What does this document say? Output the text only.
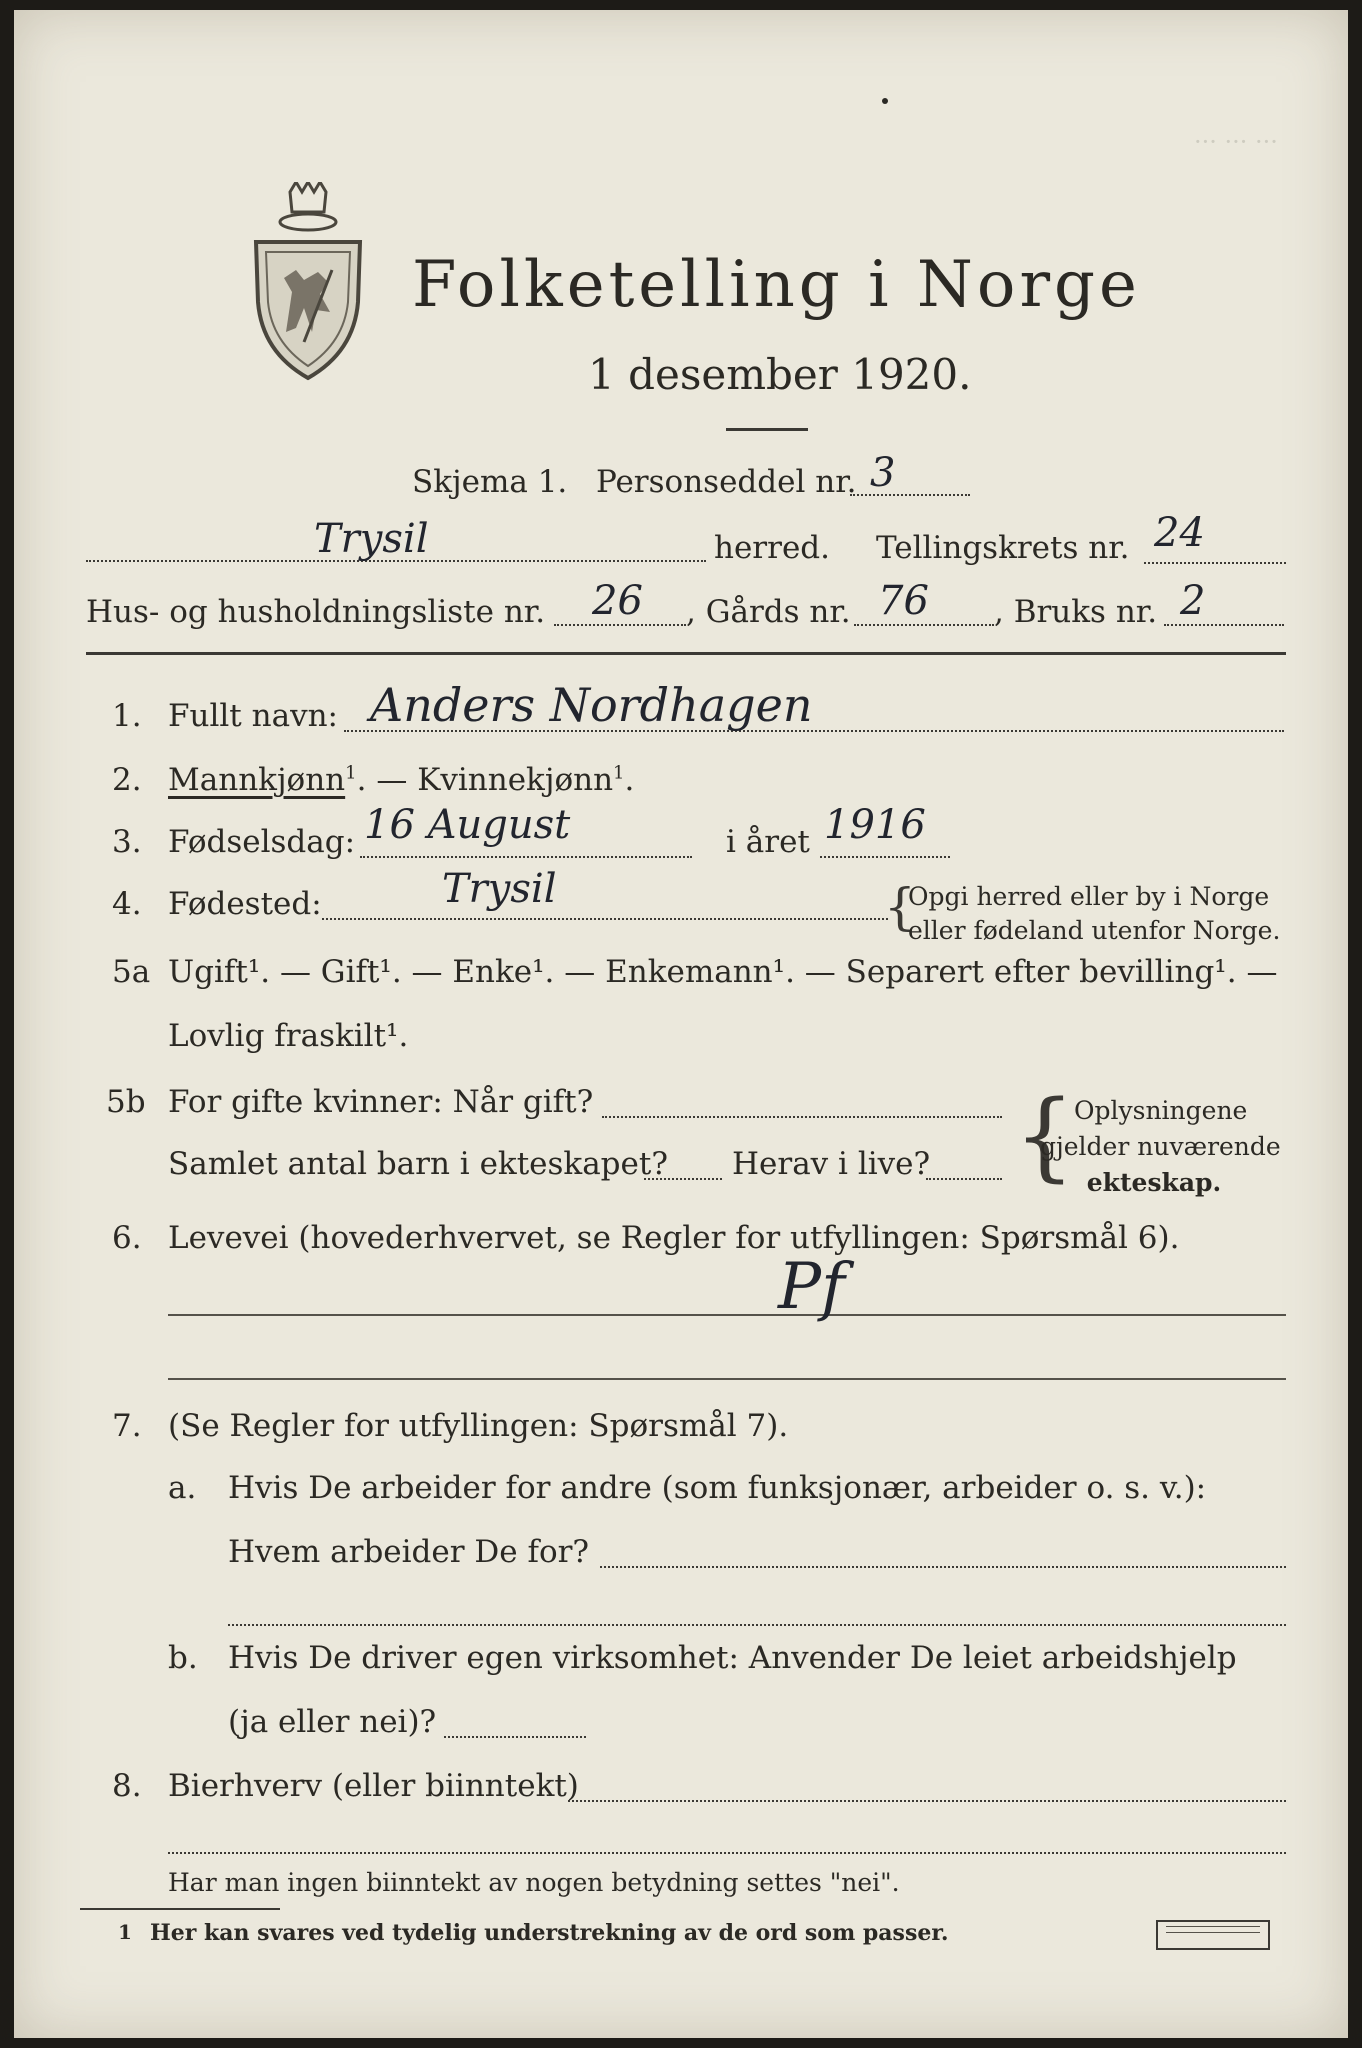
··· ··· ···
Folketelling i Norge
1 desember 1920.
Skjema 1. Personseddel nr. 3
Trysil	herred. Tellingskrets nr. 24
Hus- og husholdningsliste nr. 26 , Gårds nr. 76 , Bruks nr. 2
1. Fullt navn: Anders Nordhagen
2. Mannkjønn$^1$. — Kvinnekjønn$^1$.
3. Fødselsdag: 16 August	i året 1916
4. Fødested:	Trysil	{
Opgi herred eller by i Norge
eller fødeland utenfor Norge.
5a Ugift¹. — Gift¹. — Enke¹. — Enkemann¹. — Separert efter bevilling¹. —
Lovlig fraskilt¹.
5b For gifte kvinner: Når gift?
Samlet antal barn i ekteskapet? Herav i live? {
Oplysningene
gjelder nuværende
ekteskap.
6. Levevei (hovederhvervet, se Regler for utfyllingen: Spørsmål 6).
Pf
7. (Se Regler for utfyllingen: Spørsmål 7).
a. Hvis De arbeider for andre (som funksjonær, arbeider o. s. v.):
Hvem arbeider De for?
b. Hvis De driver egen virksomhet: Anvender De leiet arbeidshjelp
(ja eller nei)?
8. Bierhverv (eller biinntekt)
Har man ingen biinntekt av nogen betydning settes "nei".
1 Her kan svares ved tydelig understrekning av de ord som passer.
